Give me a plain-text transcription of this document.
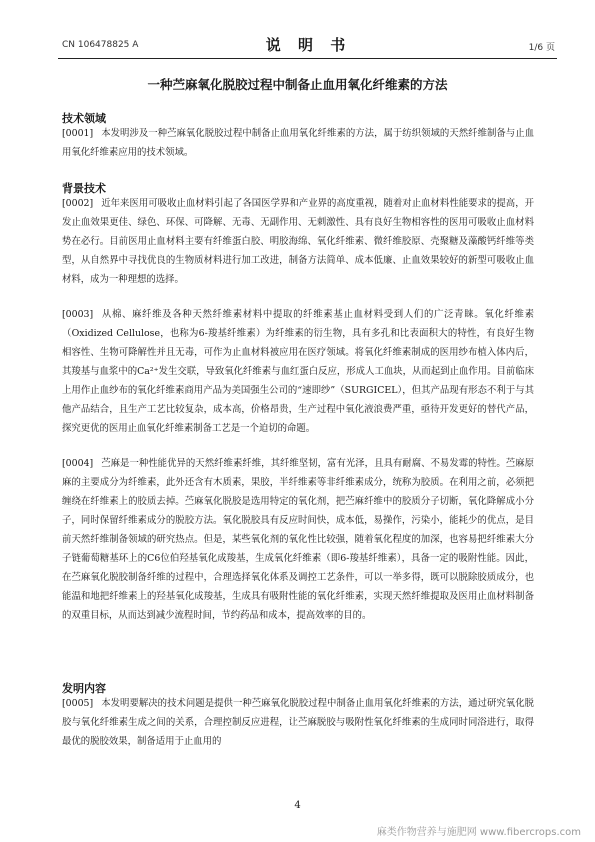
CN 106478825 A	说 明 书	1/6 页
一种苎麻氧化脱胶过程中制备止血用氧化纤维素的方法
技术领域

[0001] 本发明涉及一种苎麻氧化脱胶过程中制备止血用氧化纤维素的方法，属于纺织领域的天然纤维制备与止血用氧化纤维素应用的技术领域。

背景技术

[0002] 近年来医用可吸收止血材料引起了各国医学界和产业界的高度重视，随着对止血材料性能要求的提高，开发止血效果更佳、绿色、环保、可降解、无毒、无副作用、无刺激性、具有良好生物相容性的医用可吸收止血材料势在必行。目前医用止血材料主要有纤维蛋白胶、明胶海绵、氧化纤维素、微纤维胶原、壳聚糖及藻酸钙纤维等类型，从自然界中寻找优良的生物质材料进行加工改进，制备方法简单、成本低廉、止血效果较好的新型可吸收止血材料，成为一种理想的选择。

[0003] 从棉、麻纤维及各种天然纤维素材料中提取的纤维素基止血材料受到人们的广泛青睐。氧化纤维素（Oxidized Cellulose，也称为6-羧基纤维素）为纤维素的衍生物，具有多孔和比表面积大的特性，有良好生物相容性、生物可降解性并且无毒，可作为止血材料被应用在医疗领域。将氧化纤维素制成的医用纱布植入体内后，其羧基与血浆中的Ca²⁺发生交联，导致氧化纤维素与血红蛋白反应，形成人工血块，从而起到止血作用。目前临床上用作止血纱布的氧化纤维素商用产品为美国强生公司的“速即纱”（SURGICEL），但其产品现有形态不利于与其他产品结合，且生产工艺比较复杂，成本高，价格昂贵，生产过程中氧化液浪费严重，亟待开发更好的替代产品，探究更优的医用止血氧化纤维素制备工艺是一个迫切的命题。

[0004] 苎麻是一种性能优异的天然纤维素纤维，其纤维坚韧，富有光泽，且具有耐腐、不易发霉的特性。苎麻原麻的主要成分为纤维素，此外还含有木质素，果胶，半纤维素等非纤维素成分，统称为胶质。在利用之前，必须把缠绕在纤维素上的胶质去掉。苎麻氧化脱胶是选用特定的氧化剂，把苎麻纤维中的胶质分子切断，氧化降解成小分子，同时保留纤维素成分的脱胶方法。氧化脱胶具有反应时间快，成本低，易操作，污染小，能耗少的优点，是目前天然纤维制备领域的研究热点。但是，某些氧化剂的氧化性比较强，随着氧化程度的加深，也容易把纤维素大分子链葡萄糖基环上的C6位伯羟基氧化成羧基，生成氧化纤维素（即6-羧基纤维素），具备一定的吸附性能。因此，在苎麻氧化脱胶制备纤维的过程中，合理选择氧化体系及调控工艺条件，可以一举多得，既可以脱除胶质成分，也能温和地把纤维素上的羟基氧化成羧基，生成具有吸附性能的氧化纤维素，实现天然纤维提取及医用止血材料制备的双重目标，从而达到减少流程时间，节约药品和成本，提高效率的目的。

发明内容

[0005] 本发明要解决的技术问题是提供一种苎麻氧化脱胶过程中制备止血用氧化纤维素的方法，通过研究氧化脱胶与氧化纤维素生成之间的关系，合理控制反应进程，让苎麻脱胶与吸附性氧化纤维素的生成同时同浴进行，取得最优的脱胶效果，制备适用于止血用的

4
麻类作物营养与施肥网 www.fibercrops.com
